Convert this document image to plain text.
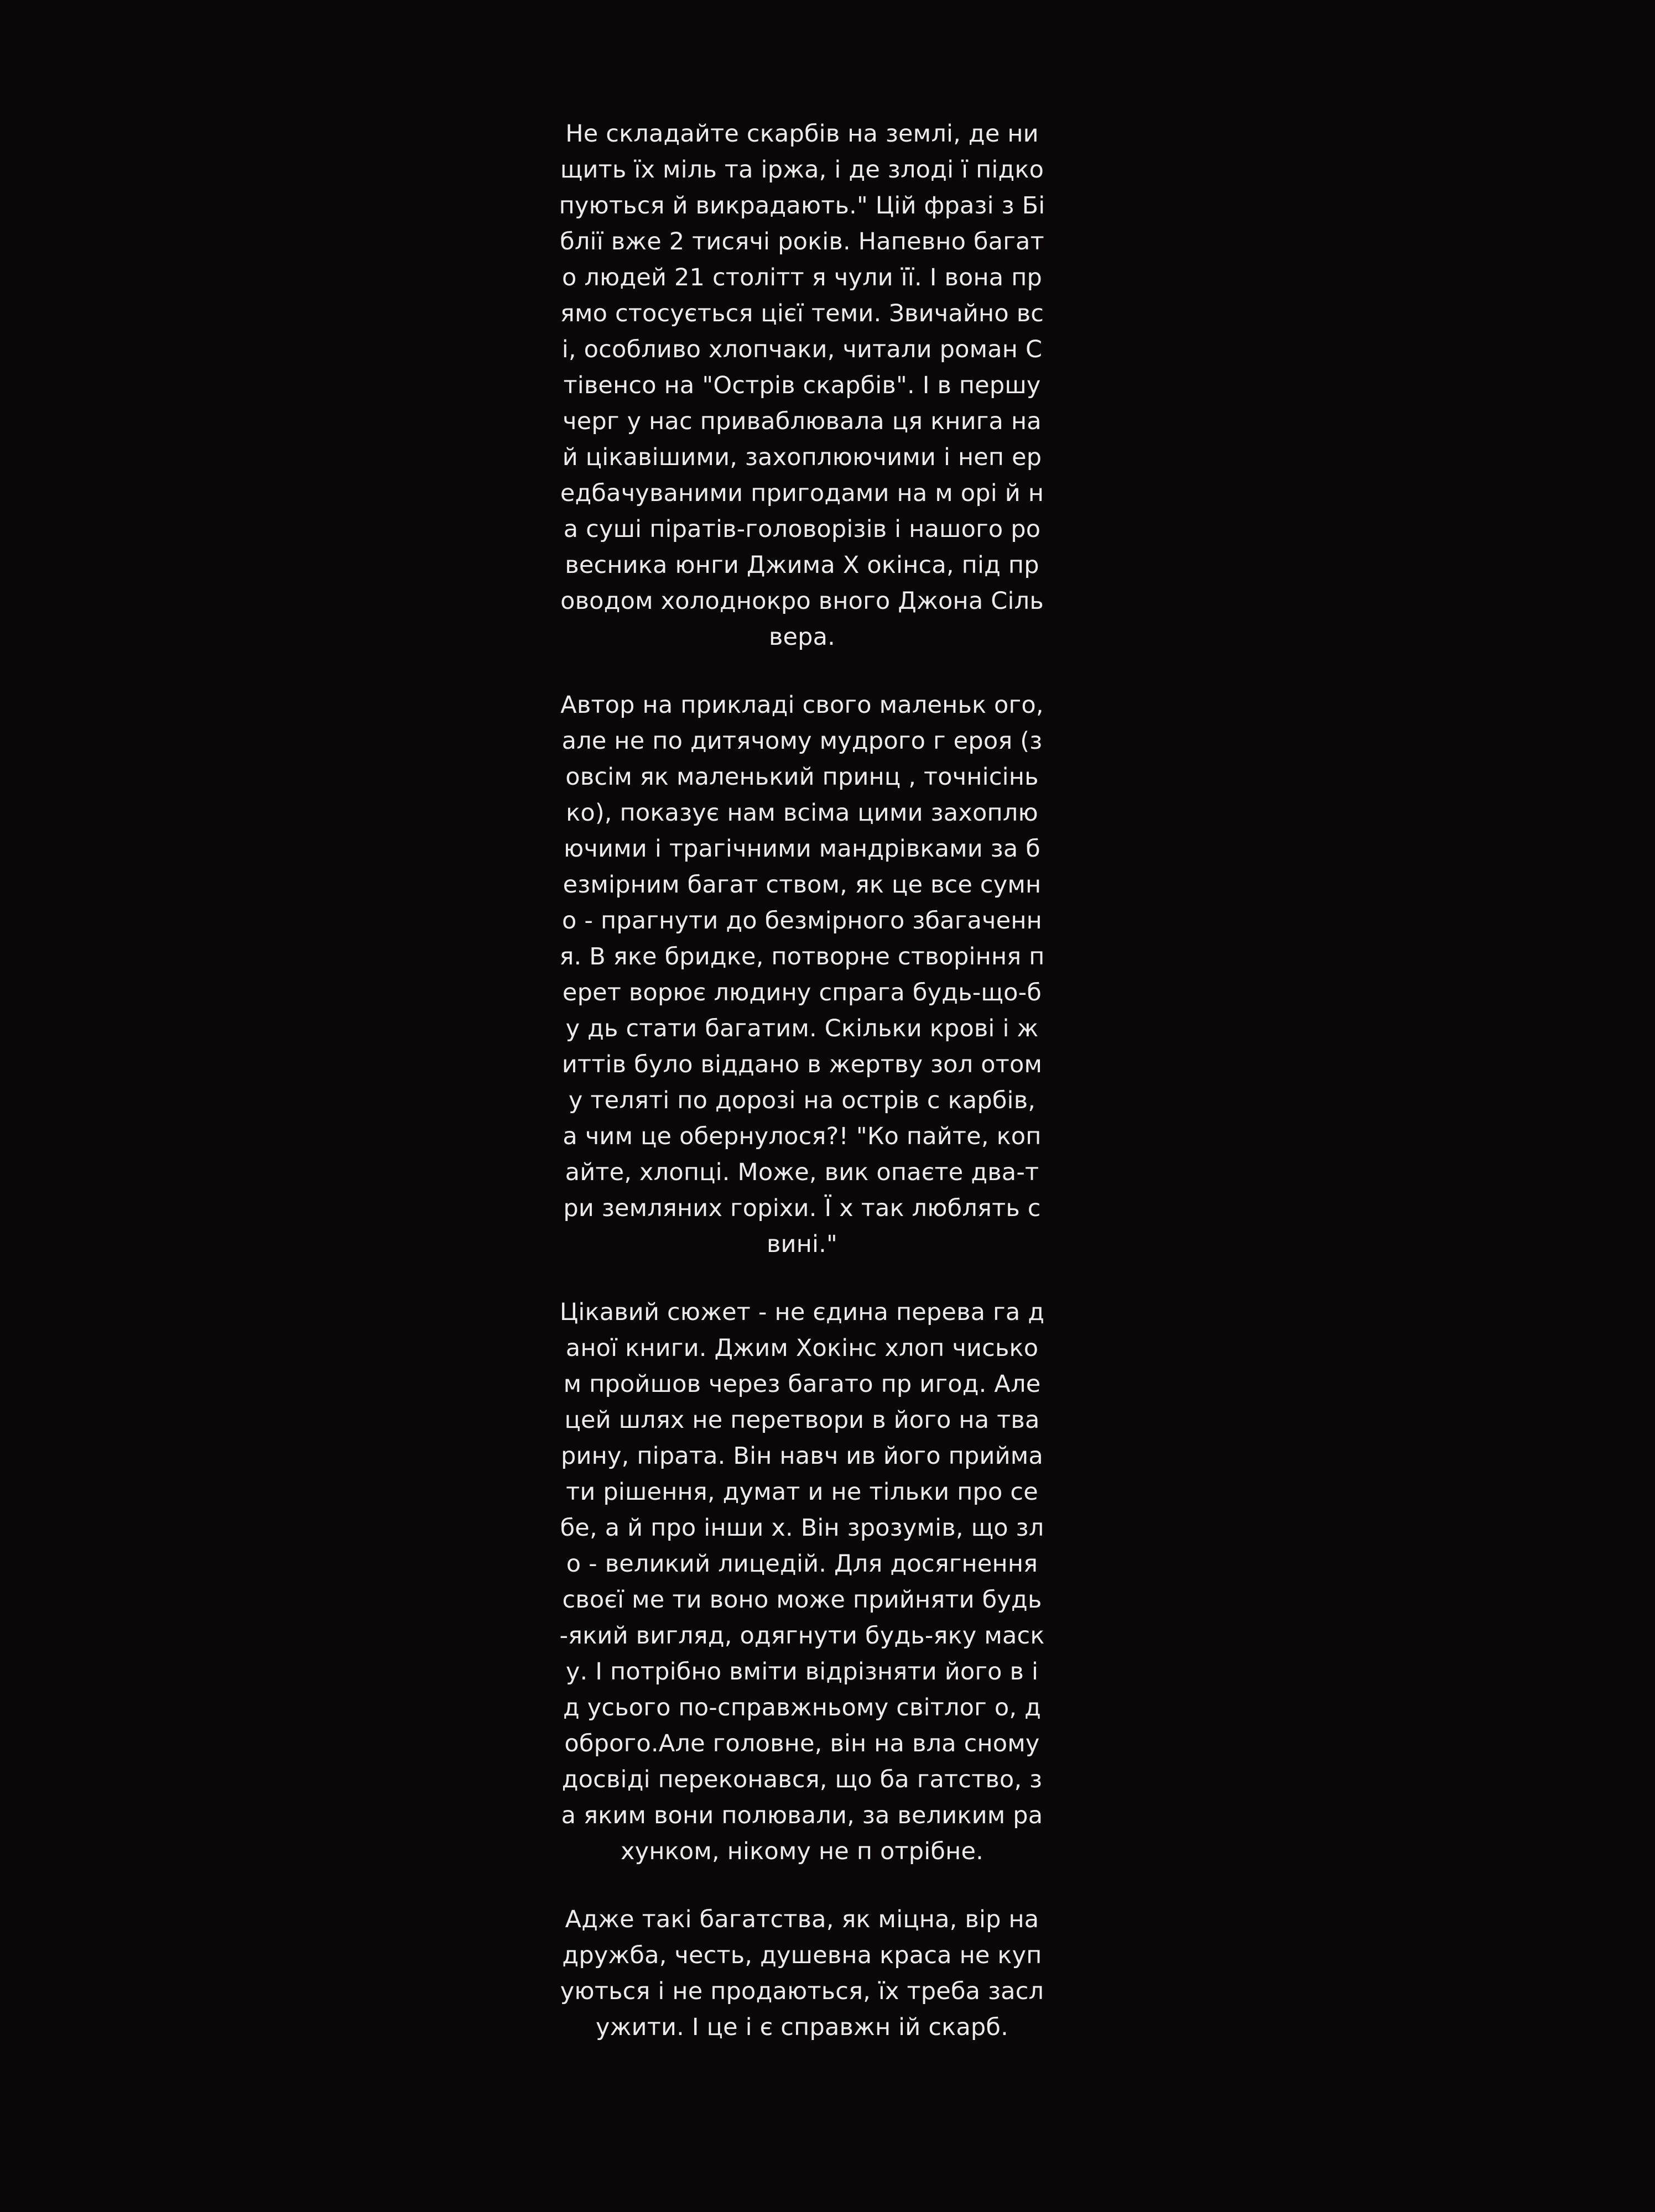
Не складайте скарбів на землі, де нищить їх міль та іржа, і де злоді ї підкопуються й викрадають." Цій фразі з Біблії вже 2 тисячі років. Напевно багато людей 21 столітт я чули її. І вона прямо стосується цієї теми. Звичайно всі, особливо хлопчаки, читали роман Стівенсо на "Острів скарбів". І в першу черг у нас приваблювала ця книга най цікавішими, захоплюючими і неп ередбачуваними пригодами на м орі й на суші піратів-головорізів і нашого ровесника юнги Джима Х окінса, під проводом холоднокро вного Джона Сільвера.

Автор на прикладі свого маленьк ого, але не по дитячому мудрого г ероя (зовсім як маленький принц , точнісінько), показує нам всіма цими захоплюючими і трагічними мандрівками за безмірним багат ством, як це все сумно - прагнути до безмірного збагачення. В яке бридке, потворне створіння перет ворює людину спрага будь-що-бу дь стати багатим. Скільки крові і життів було віддано в жертву зол отому теляті по дорозі на острів с карбів, а чим це обернулося?! "Ко пайте, копайте, хлопці. Може, вик опаєте два-три земляних горіхи. Ї х так люблять свині."

Цікавий сюжет - не єдина перева га даної книги. Джим Хокінс хлоп чиськом пройшов через багато пр игод. Але цей шлях не перетвори в його на тварину, пірата. Він навч ив його приймати рішення, думат и не тільки про себе, а й про інши х. Він зрозумів, що зло - великий лицедій. Для досягнення своєї ме ти воно може прийняти будь-який вигляд, одягнути будь-яку маску. І потрібно вміти відрізняти його в ід усього по-справжньому світлог о, доброго.Але головне, він на вла сному досвіді переконався, що ба гатство, за яким вони полювали, за великим рахунком, нікому не п отрібне.

Адже такі багатства, як міцна, вір на дружба, честь, душевна краса не купуються і не продаються, їх треба заслужити. І це і є справжн ій скарб.
